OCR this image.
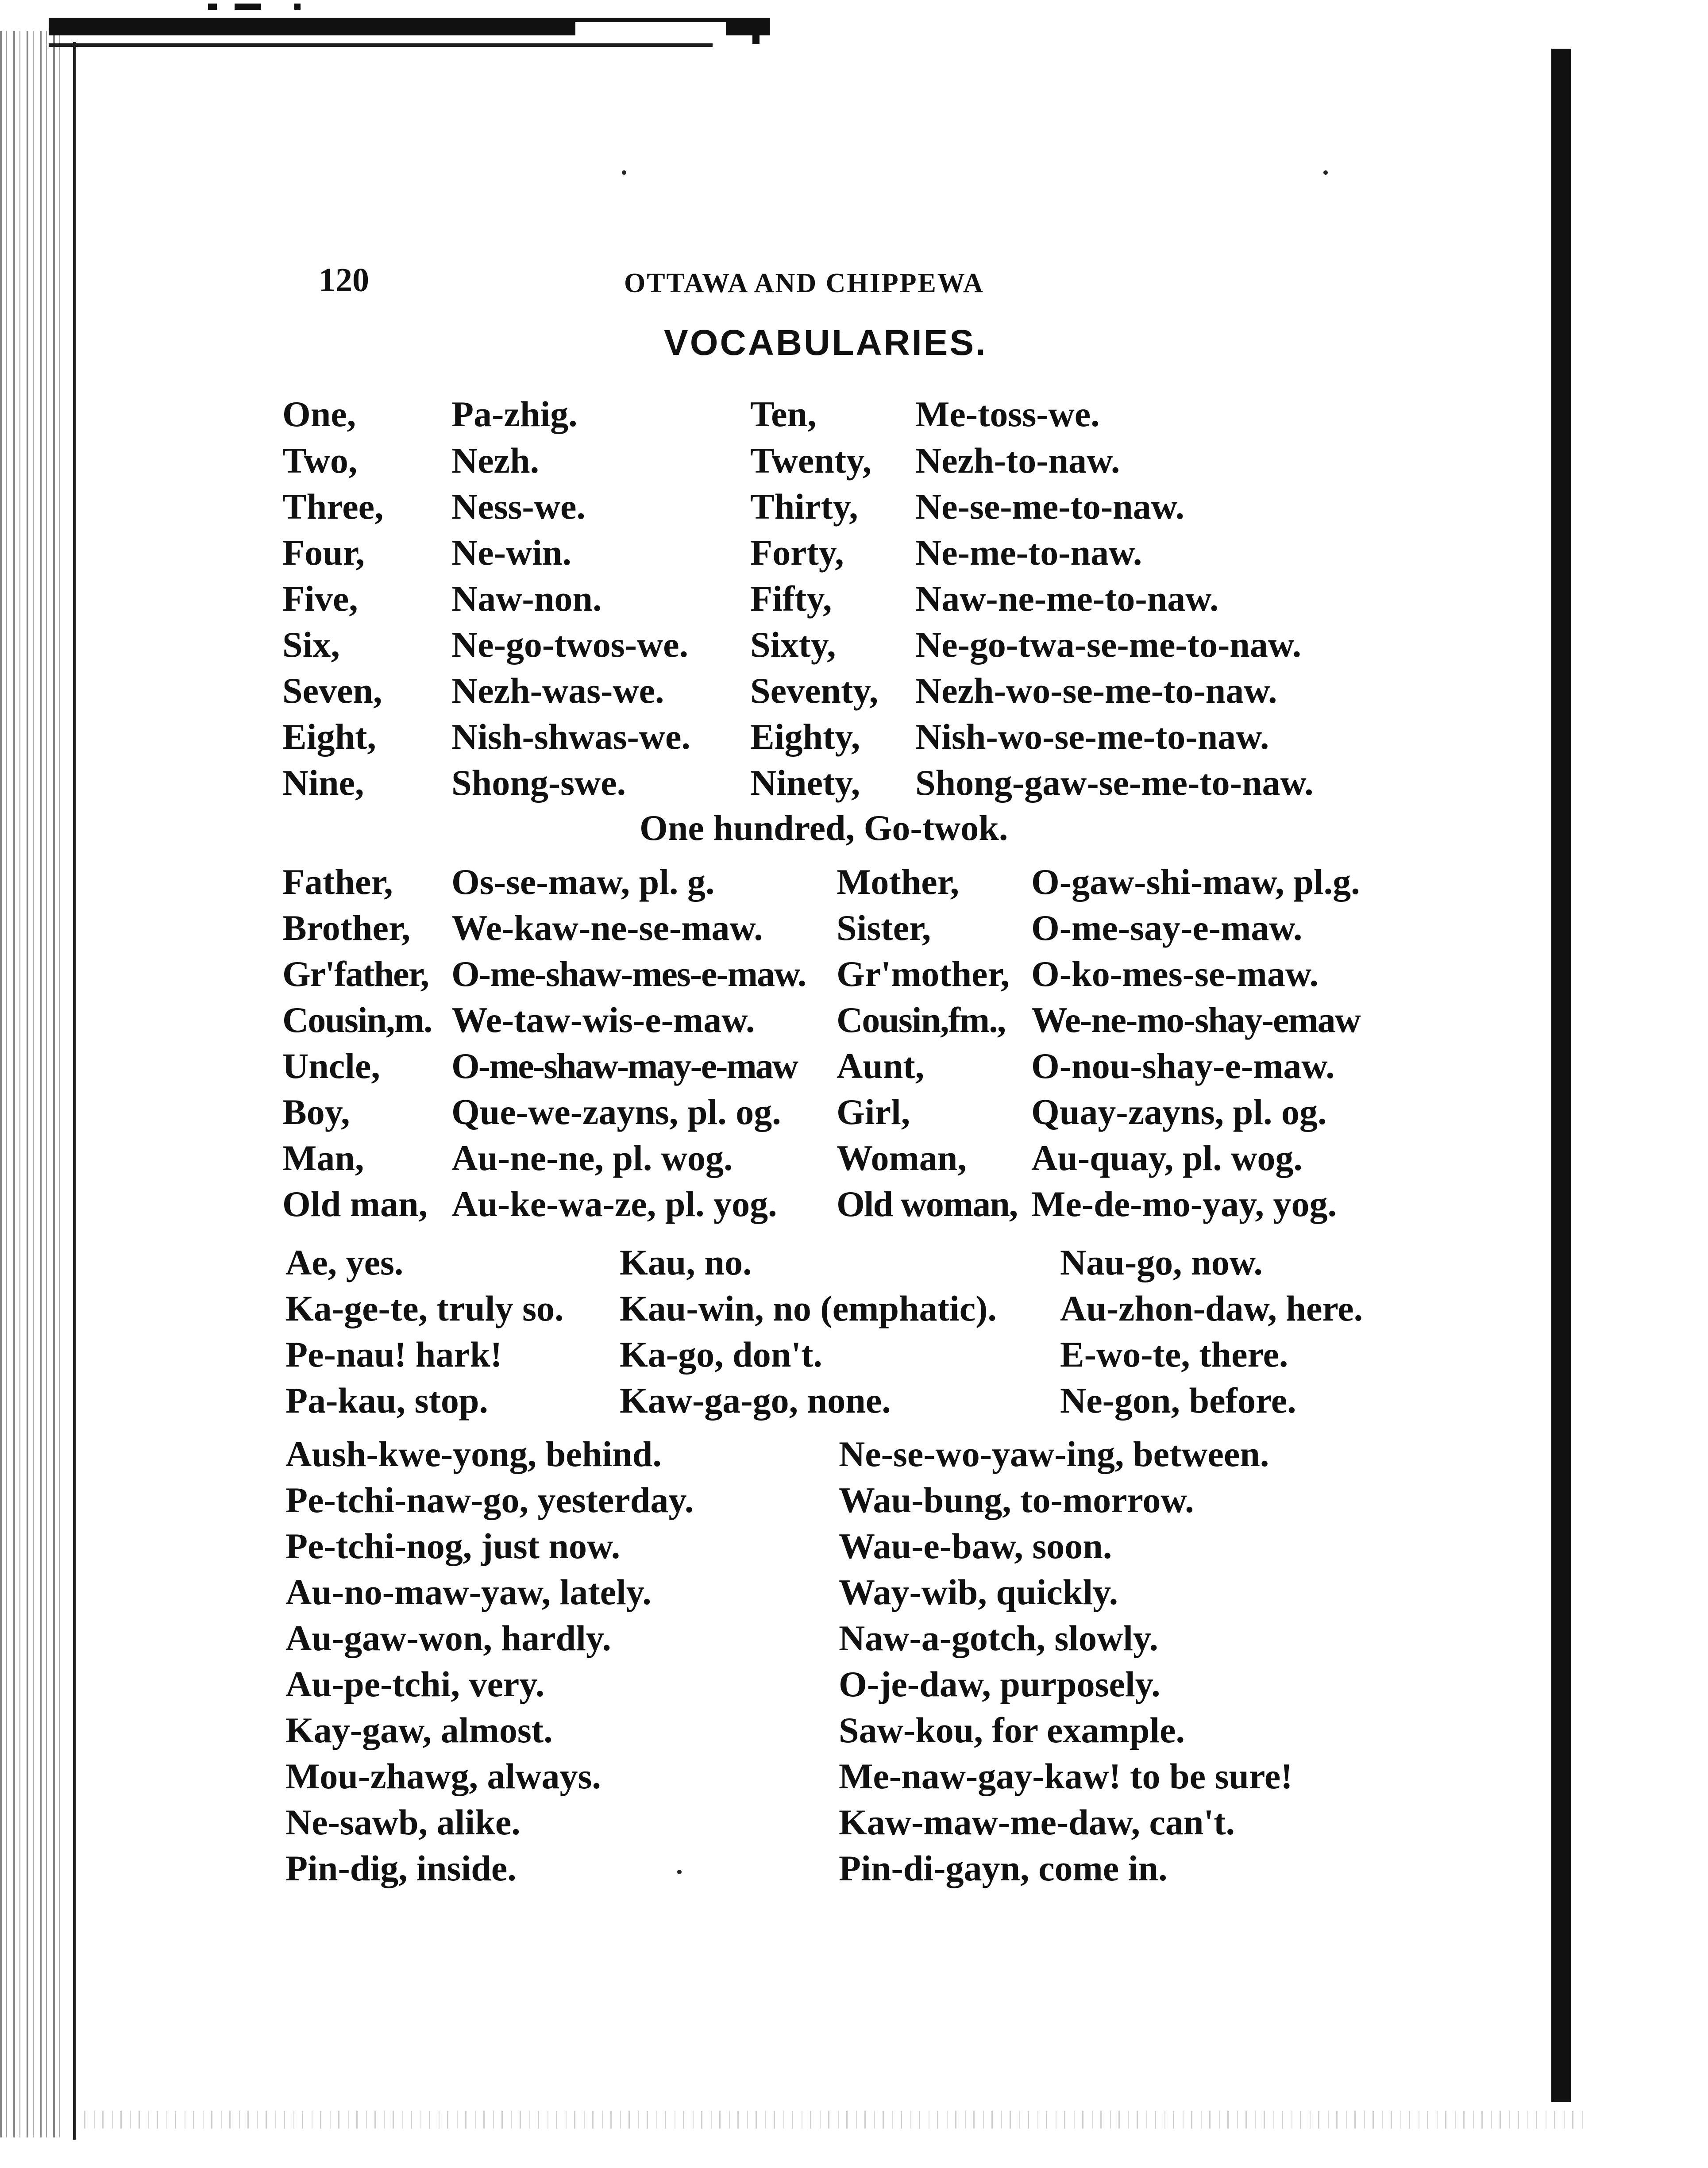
120	OTTAWA AND CHIPPEWA
VOCABULARIES.
One,	Pa-zhig.	Ten,	Me-toss-we.
Two,	Nezh.	Twenty, Nezh-to-naw.
Three, Ness-we.	Thirty, Ne-se-me-to-naw.
Four, Ne-win.	Forty, Ne-me-to-naw.
Five,	Naw-non.	Fifty, Naw-ne-me-to-naw.
Six,	Ne-go-twos-we. Sixty, Ne-go-twa-se-me-to-naw.
Seven, Nezh-was-we. Seventy, Nezh-wo-se-me-to-naw.
Eight, Nish-shwas-we. Eighty, Nish-wo-se-me-to-naw.
Nine, Shong-swe.	Ninety, Shong-gaw-se-me-to-naw.
One hundred, Go-twok.
Father, Os-se-maw, pl. g.	Mother, O-gaw-shi-maw, pl.g.
Brother, We-kaw-ne-se-maw. Sister,	O-me-say-e-maw.
Gr'father, O-me-shaw-mes-e-maw. Gr'mother, O-ko-mes-se-maw.
Cousin,m. We-taw-wis-e-maw. Cousin,fm., We-ne-mo-shay-emaw
Uncle, O-me-shaw-may-e-maw Aunt,	O-nou-shay-e-maw.
Boy,	Que-we-zayns, pl. og. Girl,	Quay-zayns, pl. og.
Man, Au-ne-ne, pl. wog.	Woman, Au-quay, pl. wog.
Old man, Au-ke-wa-ze, pl. yog. Old woman, Me-de-mo-yay, yog.
Ae, yes.	Kau, no.	Nau-go, now.
Ka-ge-te, truly so. Kau-win, no (emphatic). Au-zhon-daw, here.
Pe-nau! hark!	Ka-go, don't.	E-wo-te, there.
Pa-kau, stop.	Kaw-ga-go, none.	Ne-gon, before.
Aush-kwe-yong, behind.	Ne-se-wo-yaw-ing, between.
Pe-tchi-naw-go, yesterday.	Wau-bung, to-morrow.
Pe-tchi-nog, just now.	Wau-e-baw, soon.
Au-no-maw-yaw, lately.	Way-wib, quickly.
Au-gaw-won, hardly.	Naw-a-gotch, slowly.
Au-pe-tchi, very.	O-je-daw, purposely.
Kay-gaw, almost.	Saw-kou, for example.
Mou-zhawg, always.	Me-naw-gay-kaw! to be sure!
Ne-sawb, alike.	Kaw-maw-me-daw, can't.
Pin-dig, inside.	Pin-di-gayn, come in.
